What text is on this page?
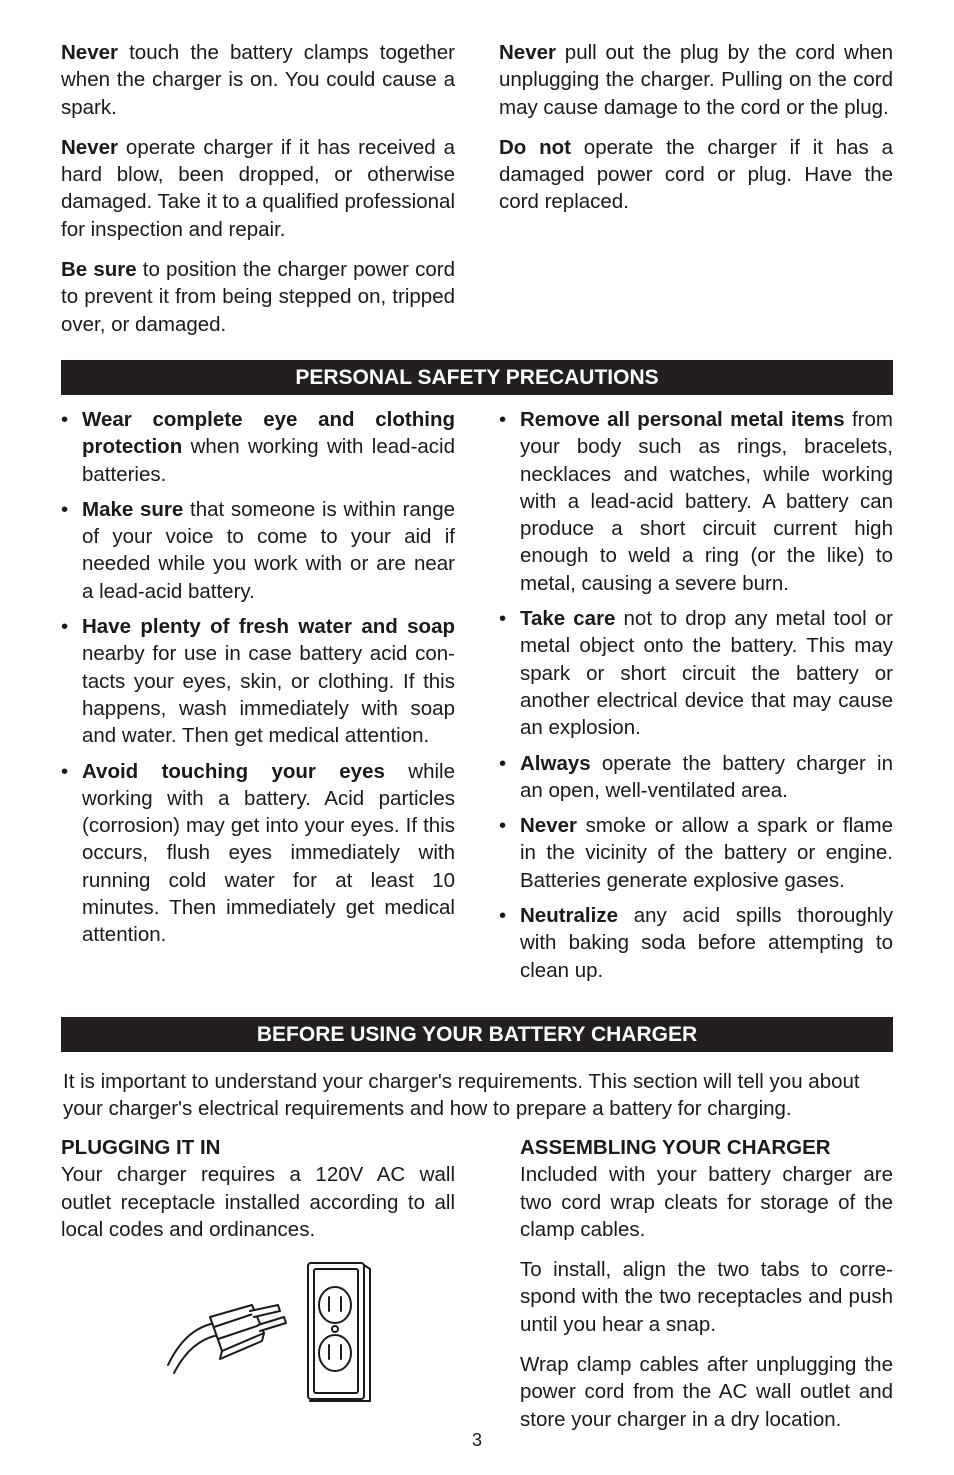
Never touch the battery clamps together when the charger is on. You could cause a spark.

Never operate charger if it has received a hard blow, been dropped, or otherwise damaged. Take it to a qualified professional for inspection and repair.

Be sure to position the charger power cord to prevent it from being stepped on, tripped over, or damaged.

Never pull out the plug by the cord when unplugging the charger. Pulling on the cord may cause damage to the cord or the plug.

Do not operate the charger if it has a damaged power cord or plug. Have the cord replaced.

PERSONAL SAFETY PRECAUTIONS
• Wear complete eye and clothing protection when working with lead-acid batteries.
• Make sure that someone is within range of your voice to come to your aid if needed while you work with or are near a lead-acid battery.
• Have plenty of fresh water and soap nearby for use in case battery acid con-tacts your eyes, skin, or clothing. If this happens, wash immediately with soap and water. Then get medical attention.
• Avoid touching your eyes while working with a battery. Acid particles (corrosion) may get into your eyes. If this occurs, flush eyes immediately with running cold water for at least 10 minutes. Then immediately get medical attention.
• Remove all personal metal items from your body such as rings, bracelets, necklaces and watches, while working with a lead-acid battery. A battery can produce a short circuit current high enough to weld a ring (or the like) to metal, causing a severe burn.
• Take care not to drop any metal tool or metal object onto the battery. This may spark or short circuit the battery or another electrical device that may cause an explosion.
• Always operate the battery charger in an open, well-ventilated area.
• Never smoke or allow a spark or flame in the vicinity of the battery or engine. Batteries generate explosive gases.
• Neutralize any acid spills thoroughly with baking soda before attempting to clean up.
BEFORE USING YOUR BATTERY CHARGER

It is important to understand your charger's requirements. This section will tell you about your charger's electrical requirements and how to prepare a battery for charging.

PLUGGING IT IN

Your charger requires a 120V AC wall outlet receptacle installed according to all local codes and ordinances.

ASSEMBLING YOUR CHARGER

Included with your battery charger are two cord wrap cleats for storage of the clamp cables.

To install, align the two tabs to corre-spond with the two receptacles and push until you hear a snap.

Wrap clamp cables after unplugging the power cord from the AC wall outlet and store your charger in a dry location.

3
